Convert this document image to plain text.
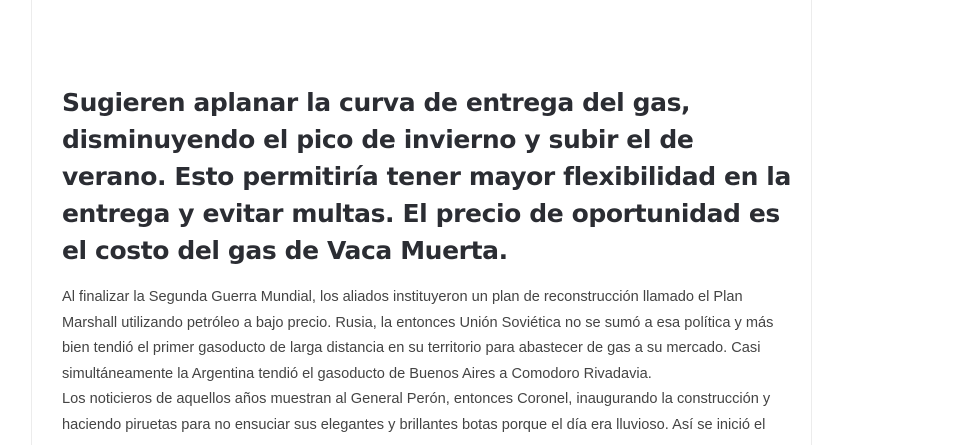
Sugieren aplanar la curva de entrega del gas, disminuyendo el pico de invierno y subir el de verano. Esto permitiría tener mayor flexibilidad en la entrega y evitar multas. El precio de oportunidad es el costo del gas de Vaca Muerta.

Al finalizar la Segunda Guerra Mundial, los aliados instituyeron un plan de reconstrucción llamado el Plan Marshall utilizando petróleo a bajo precio. Rusia, la entonces Unión Soviética no se sumó a esa política y más bien tendió el primer gasoducto de larga distancia en su territorio para abastecer de gas a su mercado. Casi simultáneamente la Argentina tendió el gasoducto de Buenos Aires a Comodoro Rivadavia.

Los noticieros de aquellos años muestran al General Perón, entonces Coronel, inaugurando la construcción y haciendo piruetas para no ensuciar sus elegantes y brillantes botas porque el día era lluvioso. Así se inició el
